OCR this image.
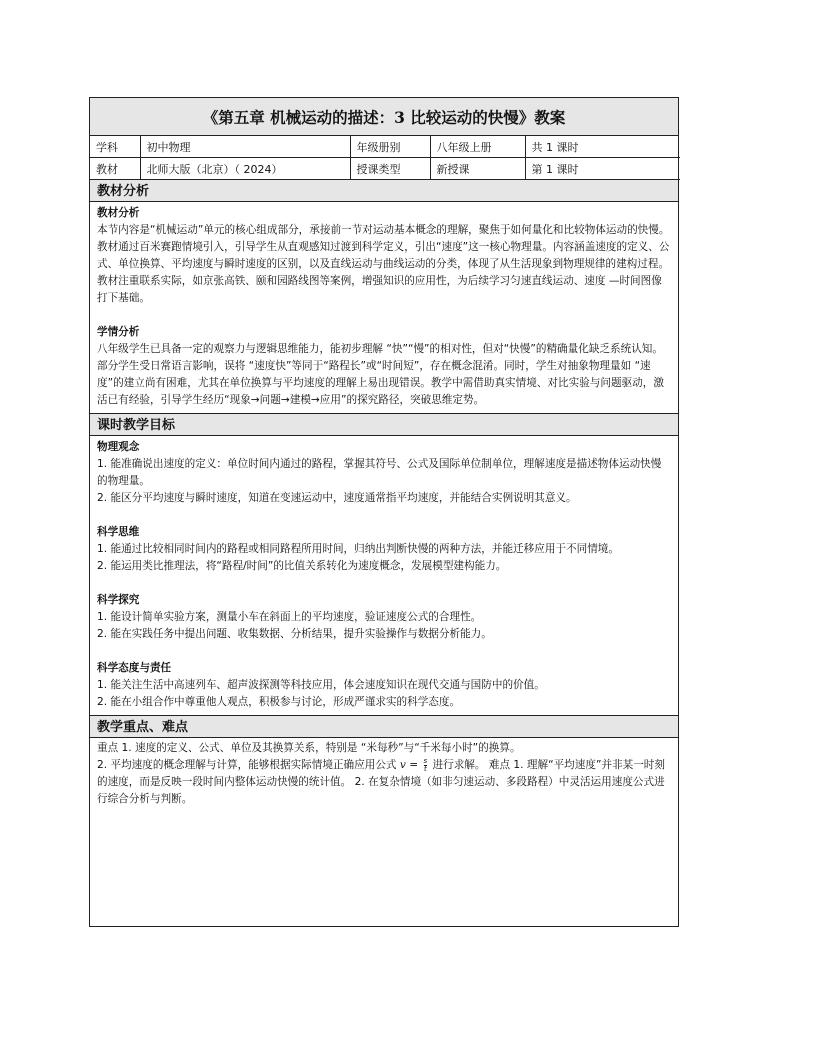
《第五章 机械运动的描述：3 比较运动的快慢》教案
学科	初中物理	年级册别	八年级上册	共 1 课时
教材	北师大版（北京）（ 2024）	授课类型	新授课	第 1 课时
教材分析
教材分析
本节内容是“机械运动”单元的核心组成部分，承接前一节对运动基本概念的理解，聚焦于如何量化和比较物体运动的快慢。教材通过百米赛跑情境引入，引导学生从直观感知过渡到科学定义，引出“速度”这一核心物理量。内容涵盖速度的定义、公式、单位换算、平均速度与瞬时速度的区别，以及直线运动与曲线运动的分类，体现了从生活现象到物理规律的建构过程。教材注重联系实际，如京张高铁、颐和园路线图等案例，增强知识的应用性，为后续学习匀速直线运动、速度 —时间图像打下基础。
学情分析
八年级学生已具备一定的观察力与逻辑思维能力，能初步理解 “快”“慢”的相对性，但对“快慢”的精确量化缺乏系统认知。部分学生受日常语言影响，误将 “速度快”等同于“路程长”或“时间短”，存在概念混淆。同时，学生对抽象物理量如 “速度”的建立尚有困难，尤其在单位换算与平均速度的理解上易出现错误。教学中需借助真实情境、对比实验与问题驱动，激活已有经验，引导学生经历“现象→问题→建模→应用”的探究路径，突破思维定势。
课时教学目标
物理观念
1. 能准确说出速度的定义：单位时间内通过的路程，掌握其符号、公式及国际单位制单位，理解速度是描述物体运动快慢的物理量。
2. 能区分平均速度与瞬时速度，知道在变速运动中，速度通常指平均速度，并能结合实例说明其意义。
科学思维
1. 能通过比较相同时间内的路程或相同路程所用时间，归纳出判断快慢的两种方法，并能迁移应用于不同情境。
2. 能运用类比推理法，将“路程/时间”的比值关系转化为速度概念，发展模型建构能力。
科学探究
1. 能设计简单实验方案，测量小车在斜面上的平均速度，验证速度公式的合理性。
2. 能在实践任务中提出问题、收集数据、分析结果，提升实验操作与数据分析能力。
科学态度与责任
1. 能关注生活中高速列车、超声波探测等科技应用，体会速度知识在现代交通与国防中的价值。
2. 能在小组合作中尊重他人观点，积极参与讨论，形成严谨求实的科学态度。
教学重点、难点
重点 1. 速度的定义、公式、单位及其换算关系，特别是 “米每秒”与“千米每小时”的换算。
2. 平均速度的概念理解与计算，能够根据实际情境正确应用公式 $v = \frac{s}{t}$ 进行求解。 难点 1. 理解“平均速度”并非某一时刻的速度，而是反映一段时间内整体运动快慢的统计值。 2. 在复杂情境（如非匀速运动、多段路程）中灵活运用速度公式进行综合分析与判断。
